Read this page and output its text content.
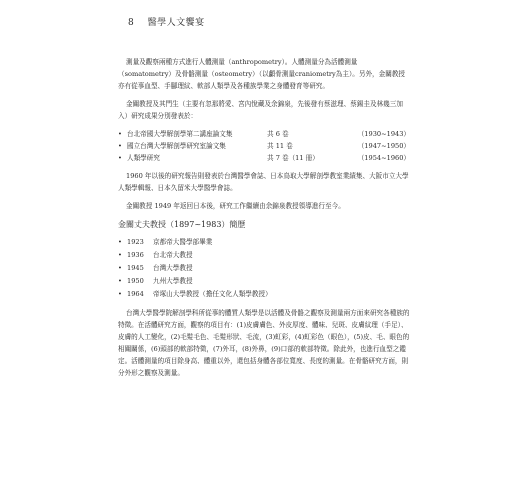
8 醫學人文饗宴

測量及觀察兩種方式進行人體測量（anthropometry）。人體測量分為活體測量（somatometry）及骨骼測量（osteometry）（以顱骨測量craniometry為主）。另外，金關教授亦有從事血型、手腳理紋、軟部人類學及各種族學業之身體發育等研究。

金關教授及其門生（主要有忽那將愛、宮內悅藏及余錦泉，先後發有蔡滋理、蔡錫圭及林幾三加入）研究成果分別發表於：

• 台北帝國大學解剖學第二講座論文集	共 6 卷	（1930~1943）
• 國立台灣大學解剖學研究室論文集	共 11 卷	（1947~1950）
• 人類學研究	共 7 卷（11 冊）	（1954~1960）

1960 年以後的研究報告則發表於台灣醫學會誌、日本鳥取大學解剖學教室業績集、大阪市立大學人類學輯報、日本久留米大學醫學會誌。

金關教授 1949 年返回日本後，研究工作繼續由余錦泉教授領導進行至今。

金關丈夫教授（1897~1983）簡歷
• 1923	京都帝大醫學部畢業
• 1936	台北帝大教授
• 1945	台灣大學教授
• 1950	九州大學教授
• 1964	帝塚山大學教授（擔任文化人類學教授）

台灣大學醫學院解剖學科所從事的體質人類學是以活體及骨骼之觀察及測量兩方面來研究各種族的特徵。在活體研究方面，觀察的項目有：(1)皮膚膚色、外皮厚度、體味、兒斑、皮膚紋理（手足）、皮膚的人工變化，(2)毛髮毛色、毛髮形狀、毛流，(3)虹彩，(4)虹彩色（眼色），(5)皮、毛、眼色的相關關係，(6)頭部的軟部特徵，(7)外耳，(8)外鼻，(9)口部的軟部特徵。除此外，也進行血型之鑑定。活體測量的項目除身高、體重以外，還包括身體各部位寬度、長度的測量。在骨骼研究方面，則分外形之觀察及測量。
